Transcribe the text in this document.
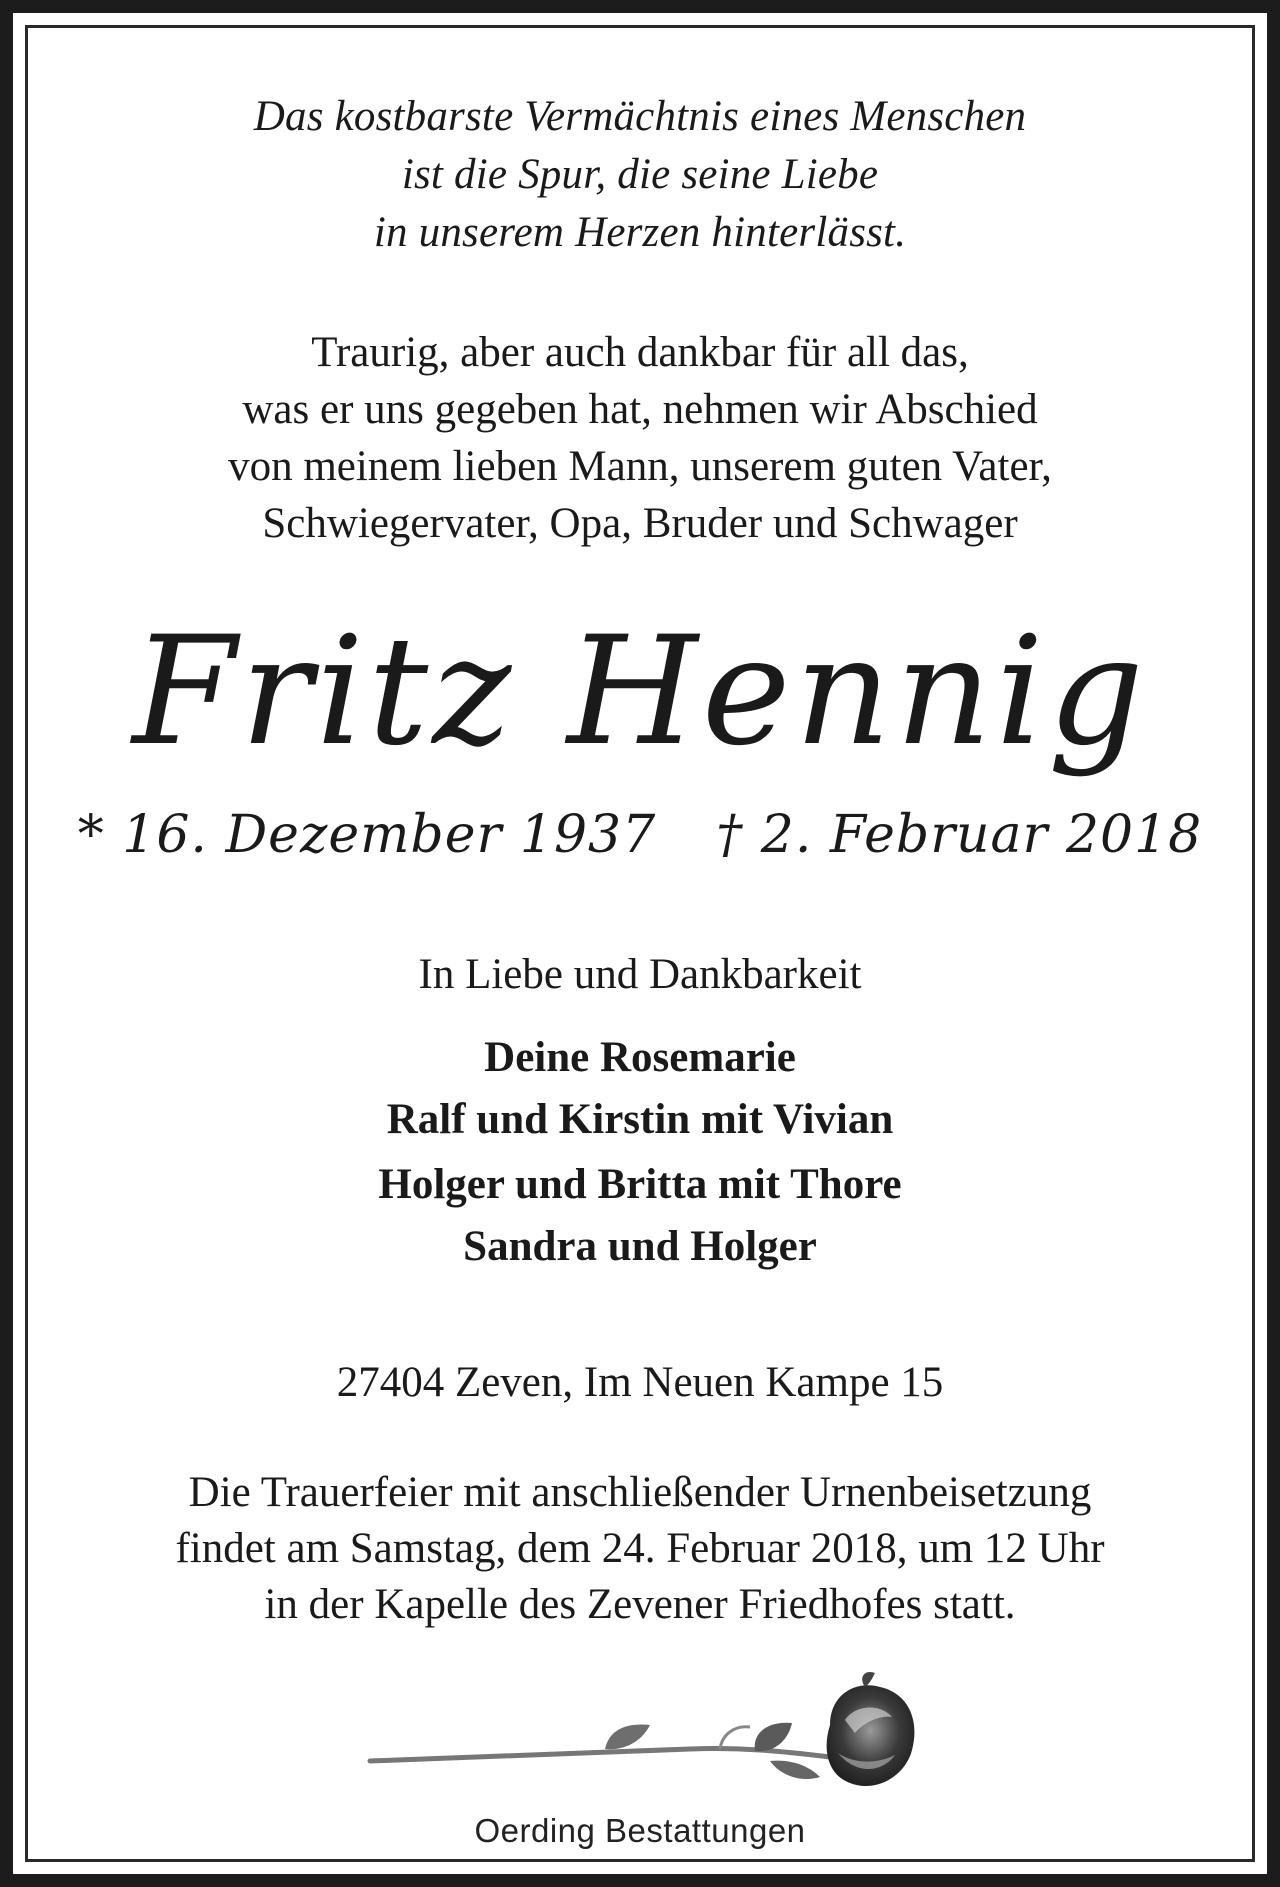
Das kostbarste Vermächtnis eines Menschen
ist die Spur, die seine Liebe
in unserem Herzen hinterlässt.
Traurig, aber auch dankbar für all das,
was er uns gegeben hat, nehmen wir Abschied
von meinem lieben Mann, unserem guten Vater,
Schwiegervater, Opa, Bruder und Schwager
Fritz Hennig
* 16. Dezember 1937 † 2. Februar 2018
In Liebe und Dankbarkeit
Deine Rosemarie
Ralf und Kirstin mit Vivian
Holger und Britta mit Thore
Sandra und Holger
27404 Zeven, Im Neuen Kampe 15
Die Trauerfeier mit anschließender Urnenbeisetzung
findet am Samstag, dem 24. Februar 2018, um 12 Uhr
in der Kapelle des Zevener Friedhofes statt.
Oerding Bestattungen
